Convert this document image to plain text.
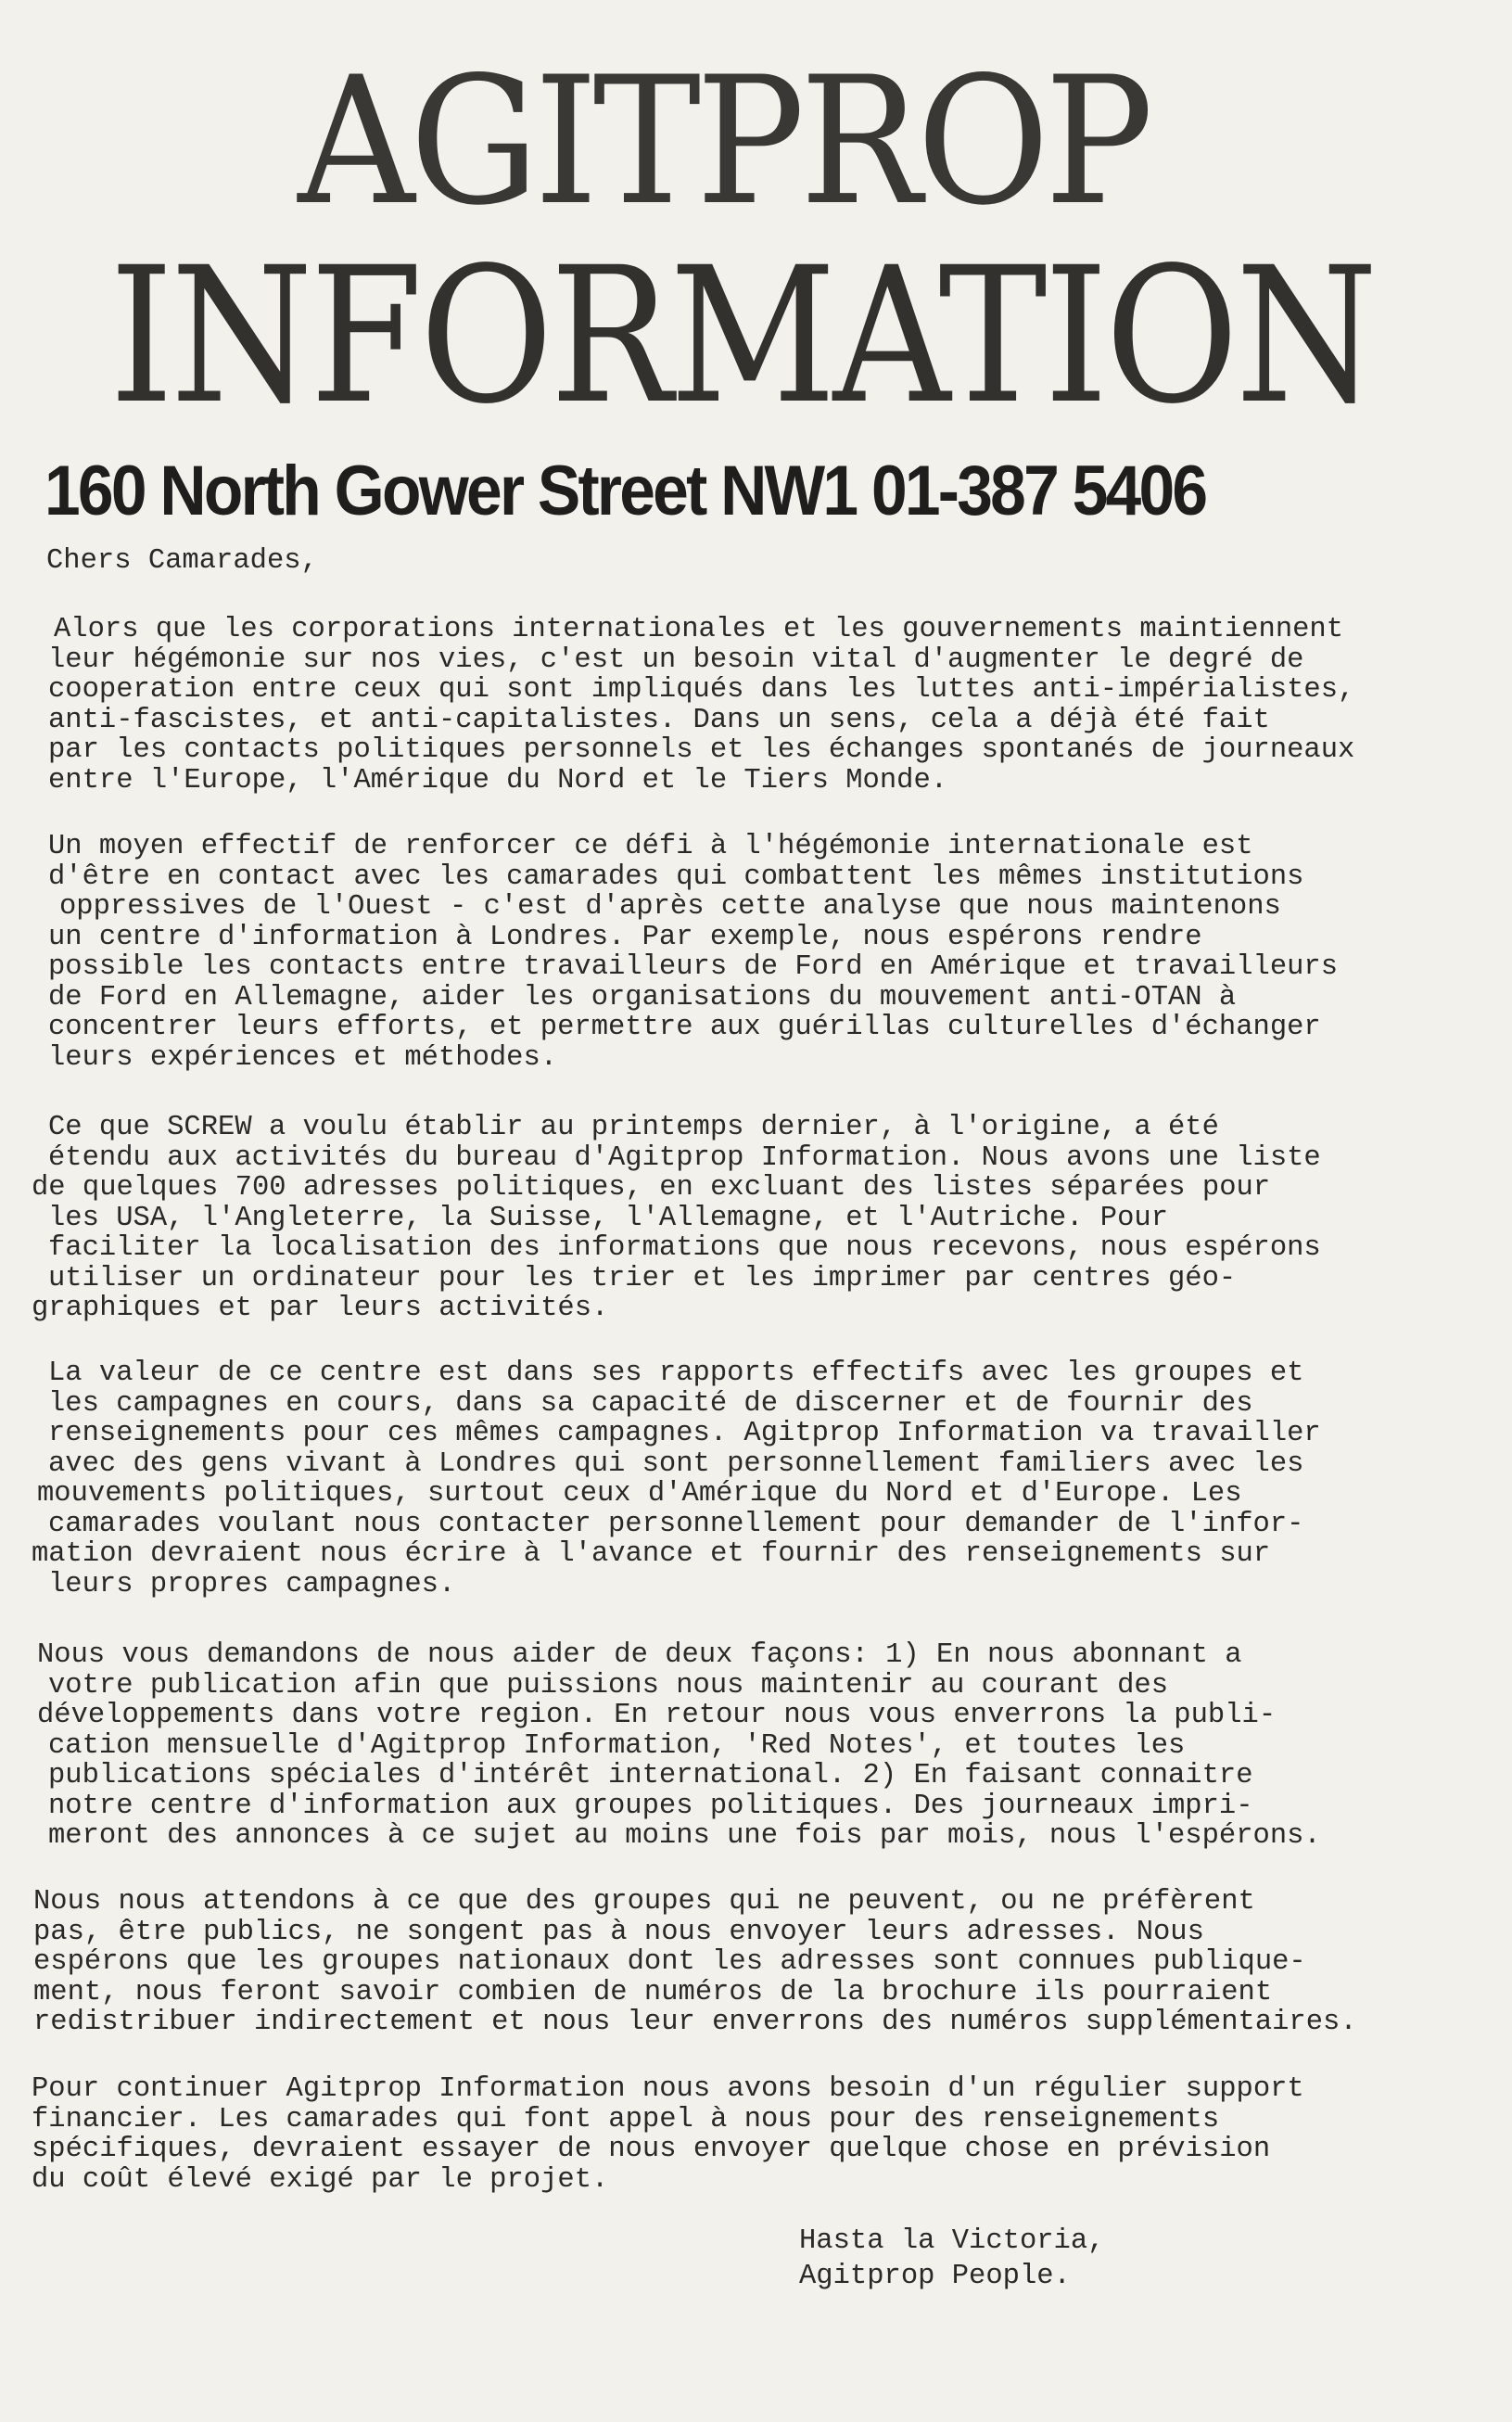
AGITPROP
INFORMATION
160 North Gower Street NW1 01-387 5406
Chers Camarades,
Alors que les corporations internationales et les gouvernements maintiennent
leur hégémonie sur nos vies, c'est un besoin vital d'augmenter le degré de
cooperation entre ceux qui sont impliqués dans les luttes anti-impérialistes,
anti-fascistes, et anti-capitalistes. Dans un sens, cela a déjà été fait
par les contacts politiques personnels et les échanges spontanés de journeaux
entre l'Europe, l'Amérique du Nord et le Tiers Monde.
Un moyen effectif de renforcer ce défi à l'hégémonie internationale est
d'être en contact avec les camarades qui combattent les mêmes institutions
oppressives de l'Ouest - c'est d'après cette analyse que nous maintenons
un centre d'information à Londres. Par exemple, nous espérons rendre
possible les contacts entre travailleurs de Ford en Amérique et travailleurs
de Ford en Allemagne, aider les organisations du mouvement anti-OTAN à
concentrer leurs efforts, et permettre aux guérillas culturelles d'échanger
leurs expériences et méthodes.
Ce que SCREW a voulu établir au printemps dernier, à l'origine, a été
étendu aux activités du bureau d'Agitprop Information. Nous avons une liste
de quelques 700 adresses politiques, en excluant des listes séparées pour
les USA, l'Angleterre, la Suisse, l'Allemagne, et l'Autriche. Pour
faciliter la localisation des informations que nous recevons, nous espérons
utiliser un ordinateur pour les trier et les imprimer par centres géo-
graphiques et par leurs activités.
La valeur de ce centre est dans ses rapports effectifs avec les groupes et
les campagnes en cours, dans sa capacité de discerner et de fournir des
renseignements pour ces mêmes campagnes. Agitprop Information va travailler
avec des gens vivant à Londres qui sont personnellement familiers avec les
mouvements politiques, surtout ceux d'Amérique du Nord et d'Europe. Les
camarades voulant nous contacter personnellement pour demander de l'infor-
mation devraient nous écrire à l'avance et fournir des renseignements sur
leurs propres campagnes.
Nous vous demandons de nous aider de deux façons: 1) En nous abonnant a
votre publication afin que puissions nous maintenir au courant des
développements dans votre region. En retour nous vous enverrons la publi-
cation mensuelle d'Agitprop Information, 'Red Notes', et toutes les
publications spéciales d'intérêt international. 2) En faisant connaitre
notre centre d'information aux groupes politiques. Des journeaux impri-
meront des annonces à ce sujet au moins une fois par mois, nous l'espérons.
Nous nous attendons à ce que des groupes qui ne peuvent, ou ne préfèrent
pas, être publics, ne songent pas à nous envoyer leurs adresses. Nous
espérons que les groupes nationaux dont les adresses sont connues publique-
ment, nous feront savoir combien de numéros de la brochure ils pourraient
redistribuer indirectement et nous leur enverrons des numéros supplémentaires.
Pour continuer Agitprop Information nous avons besoin d'un régulier support
financier. Les camarades qui font appel à nous pour des renseignements
spécifiques, devraient essayer de nous envoyer quelque chose en prévision
du coût élevé exigé par le projet.
Hasta la Victoria,
Agitprop People.
